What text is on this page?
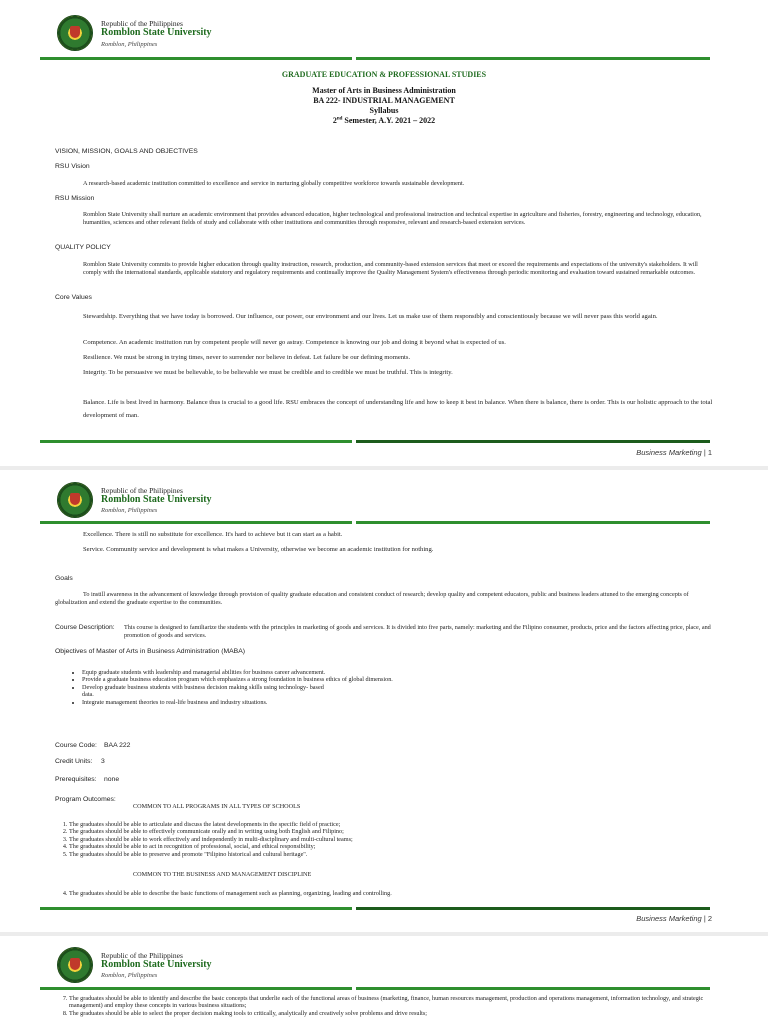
Republic of the Philippines
Romblon State University
Romblon, Philippines
GRADUATE EDUCATION & PROFESSIONAL STUDIES
Master of Arts in Business Administration
BA 222- INDUSTRIAL MANAGEMENT
Syllabus
2nd Semester, A.Y. 2021 – 2022
VISION, MISSION, GOALS AND OBJECTIVES
RSU Vision
A research-based academic institution committed to excellence and service in nurturing globally competitive workforce towards sustainable development.
RSU Mission
Romblon State University shall nurture an academic environment that provides advanced education, higher technological and professional instruction and technical expertise in agriculture and fisheries, forestry, engineering and technology, education, humanities, sciences and other relevant fields of study and collaborate with other institutions and communities through responsive, relevant and research-based extension services.
QUALITY POLICY
Romblon State University commits to provide higher education through quality instruction, research, production, and community-based extension services that meet or exceed the requirements and expectations of the university's stakeholders. It will comply with the international standards, applicable statutory and regulatory requirements and continually improve the Quality Management System's effectiveness through periodic monitoring and evaluation toward sustained remarkable outcomes.
Core Values
Stewardship. Everything that we have today is borrowed. Our influence, our power, our environment and our lives. Let us make use of them responsibly and conscientiously because we will never pass this world again.
Competence. An academic institution run by competent people will never go astray. Competence is knowing our job and doing it beyond what is expected of us.
Resilience. We must be strong in trying times, never to surrender nor believe in defeat. Let failure be our defining moments.
Integrity. To be persuasive we must be believable, to be believable we must be credible and to credible we must be truthful. This is integrity.
Balance. Life is best lived in harmony. Balance thus is crucial to a good life. RSU embraces the concept of understanding life and how to keep it best in balance. When there is balance, there is order. This is our holistic approach to the total development of man.
Business Marketing | 1
Republic of the Philippines
Romblon State University
Romblon, Philippines
Excellence. There is still no substitute for excellence. It's hard to achieve but it can start as a habit.
Service. Community service and development is what makes a University, otherwise we become an academic institution for nothing.
Goals
To instill awareness in the advancement of knowledge through provision of quality graduate education and consistent conduct of research; develop quality and competent educators, public and business leaders attuned to the emerging concepts of globalization and extend the graduate expertise to the communities.
Course Description: This course is designed to familiarize the students with the principles in marketing of goods and services. It is divided into five parts, namely: marketing and the Filipino consumer, products, price and the factors affecting price, place, and promotion of goods and services.
Objectives of Master of Arts in Business Administration (MABA)
• Equip graduate students with leadership and managerial abilities for business career advancement.
• Provide a graduate business education program which emphasizes a strong foundation in business ethics of global dimension.
• Develop graduate business students with business decision making skills using technology- based data.
• Integrate management theories to real-life business and industry situations.
Course Code: BAA 222
Credit Units: 3
Prerequisites: none
Program Outcomes:
COMMON TO ALL PROGRAMS IN ALL TYPES OF SCHOOLS
1. The graduates should be able to articulate and discuss the latest developments in the specific field of practice;
2. The graduates should be able to effectively communicate orally and in writing using both English and Filipino;
3. The graduates should be able to work effectively and independently in multi-disciplinary and multi-cultural teams;
4. The graduates should be able to act in recognition of professional, social, and ethical responsibility;
5. The graduates should be able to preserve and promote "Filipino historical and cultural heritage".
COMMON TO THE BUSINESS AND MANAGEMENT DISCIPLINE
4. The graduates should be able to describe the basic functions of management such as planning, organizing, leading and controlling.
Business Marketing | 2
Republic of the Philippines
Romblon State University
Romblon, Philippines
7. The graduates should be able to identify and describe the basic concepts that underlie each of the functional areas of business (marketing, finance, human resources management, production and operations management, information technology, and strategic management) and employ these concepts in various business situations;
8. The graduates should be able to select the proper decision making tools to critically, analytically and creatively solve problems and drive results;
